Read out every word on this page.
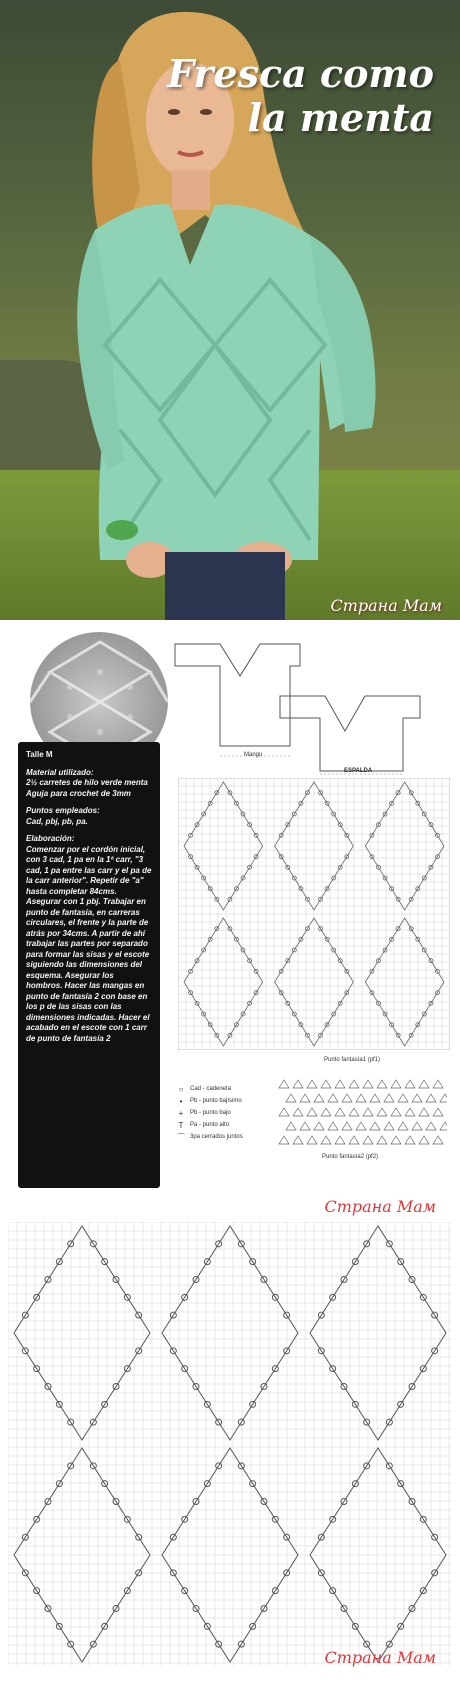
Fresca como
la menta
Страна Мам
Mangu
ESPALDA
Talle M
Material utilizado:
2½ carretes de hilo verde menta
Aguja para crochet de 3mm
Puntos empleados:
Cad, pbj, pb, pa.
Elaboración:
Comenzar por el cordón inicial, con 3 cad, 1 pa en la 1ª carr, "3 cad, 1 pa entre las carr y el pa de la carr anterior". Repetir de "a" hasta completar 84cms. Asegurar con 1 pbj. Trabajar en punto de fantasía, en carreras circulares, el frente y la parte de atrás por 34cms. A partir de ahí trabajar las partes por separado para formar las sisas y el escote siguiendo las dimensiones del esquema. Asegurar los hombros. Hacer las mangas en punto de fantasía 2 con base en los p de las sisas con las dimensiones indicadas. Hacer el acabado en el escote con 1 carr de punto de fantasía 2
Punto fantasía1 (pf1)
○	Cad - cadeneta
•	Pb - punto bajísimo
+	Pb - punto bajo
T	Pa - punto alto
⌒ 3pa cerrados juntos
Punto fantasía2 (pf2)
Страна Мам
Страна Мам
